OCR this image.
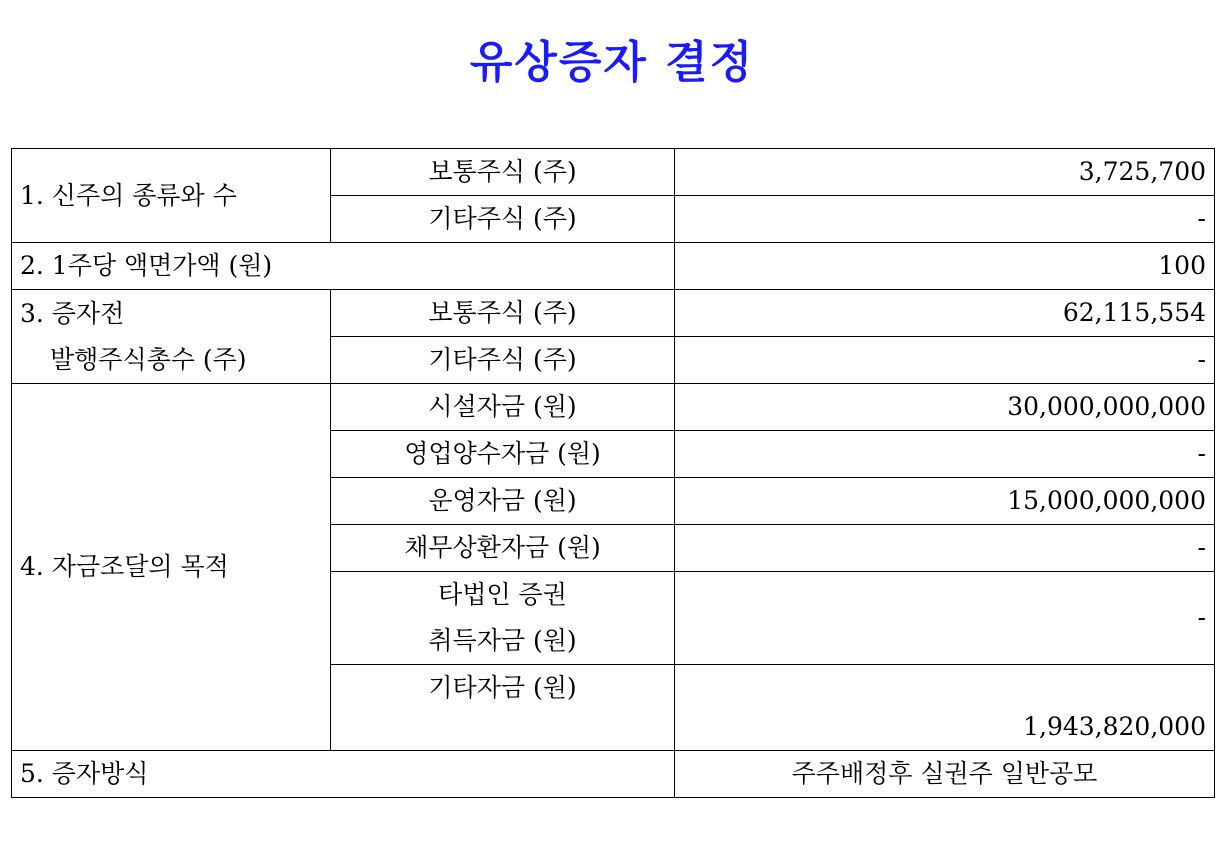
유상증자 결정
1. 신주의 종류와 수	보통주식 (주)	3,725,700
	기타주식 (주)	-
2. 1주당 액면가액 (원)		100

3. 증자전
발행주식총수 (주)	보통주식 (주)	62,115,554
	기타주식 (주)	-
4. 자금조달의 목적	시설자금 (원)	30,000,000,000
	영업양수자금 (원)	-
	운영자금 (원)	15,000,000,000
	채무상환자금 (원)	-

	타법인 증권
취득자금 (원)	-
	기타자금 (원)	1,943,820,000
5. 증자방식		주주배정후 실권주 일반공모
